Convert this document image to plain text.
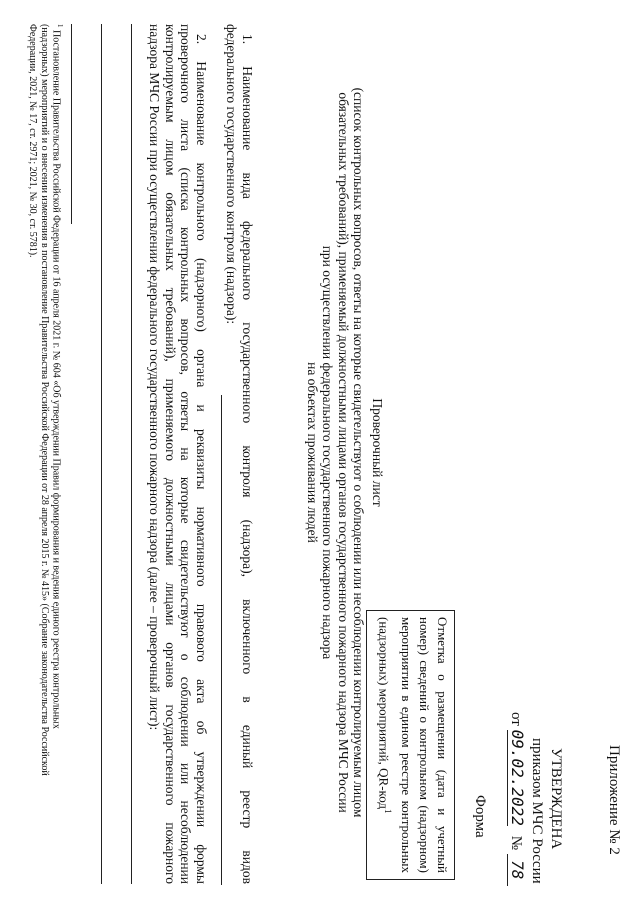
Приложение № 2
УТВЕРЖДЕНА
приказом МЧС России
от 09.02.2022 № 78
Форма
Отметка о размещении (дата и учетный номер) сведений о контрольном (надзорном) мероприятии в едином реестре контрольных (надзорных) мероприятий, QR-код$^1$
Проверочный лист
(список контрольных вопросов, ответы на которые свидетельствуют о соблюдении или несоблюдении контролируемым лицом
обязательных требований), применяемый должностными лицами органов государственного пожарного надзора МЧС России
при осуществлении федерального государственного пожарного надзора
на объектах проживания людей
1. Наименование вида федерального государственного контроля (надзора), включенного в единый реестр видов
федерального государственного контроля (надзора):
2. Наименование контрольного (надзорного) органа и реквизиты нормативного правового акта об утверждении формы
проверочного листа (списка контрольных вопросов, ответы на которые свидетельствуют о соблюдении или несоблюдении
контролируемым лицом обязательных требований), применяемого должностными лицами органов государственного пожарного
надзора МЧС России при осуществлении федерального государственного пожарного надзора (далее – проверочный лист):
$^1$ Постановление Правительства Российской Федерации от 16 апреля 2021 г. № 604 «Об утверждении Правил формирования и ведения единого реестра контрольных
(надзорных) мероприятий и о внесении изменения в постановление Правительства Российской Федерации от 28 апреля 2015 г. № 415» (Собрание законодательства Российской
Федерации, 2021, № 17, ст. 2971; 2021, № 30, ст. 5781).
